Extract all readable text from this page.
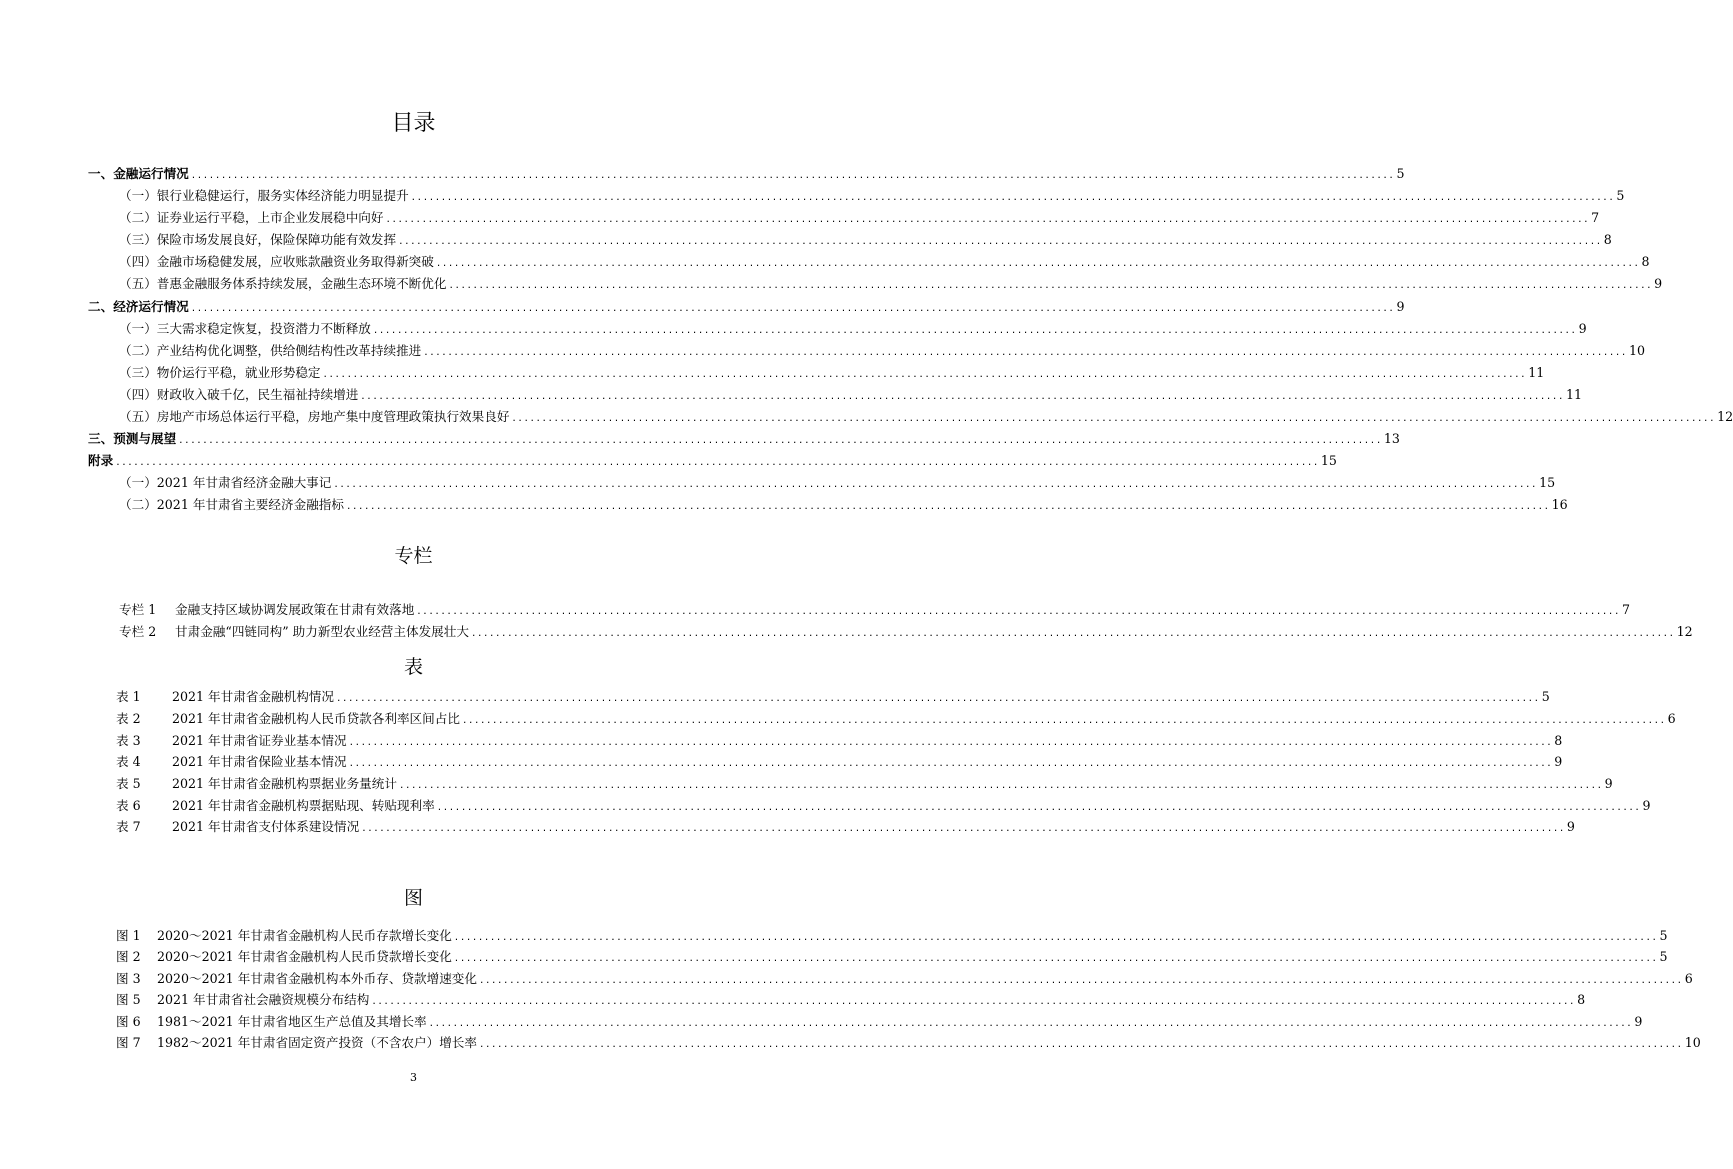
目录
专栏
表
图
一、金融运行情况 ........................................................................................................................................................................................................ 5
（一）银行业稳健运行，服务实体经济能力明显提升 ........................................................................................................................................................................................................ 5
（二）证券业运行平稳，上市企业发展稳中向好 ........................................................................................................................................................................................................ 7
（三）保险市场发展良好，保险保障功能有效发挥 ........................................................................................................................................................................................................ 8
（四）金融市场稳健发展，应收账款融资业务取得新突破 ........................................................................................................................................................................................................ 8
（五）普惠金融服务体系持续发展，金融生态环境不断优化 ........................................................................................................................................................................................................ 9
二、经济运行情况 ........................................................................................................................................................................................................ 9
（一）三大需求稳定恢复，投资潜力不断释放 ........................................................................................................................................................................................................ 9
（二）产业结构优化调整，供给侧结构性改革持续推进 ........................................................................................................................................................................................................ 10
（三）物价运行平稳，就业形势稳定 ........................................................................................................................................................................................................ 11
（四）财政收入破千亿，民生福祉持续增进 ........................................................................................................................................................................................................ 11
（五）房地产市场总体运行平稳，房地产集中度管理政策执行效果良好 ........................................................................................................................................................................................................ 12
三、预测与展望 ........................................................................................................................................................................................................ 13
附录 ........................................................................................................................................................................................................ 15
（一）2021 年甘肃省经济金融大事记 ........................................................................................................................................................................................................ 15
（二）2021 年甘肃省主要经济金融指标 ........................................................................................................................................................................................................ 16
专栏 1 金融支持区域协调发展政策在甘肃有效落地 ........................................................................................................................................................................................................ 7
专栏 2 甘肃金融“四链同构” 助力新型农业经营主体发展壮大 ........................................................................................................................................................................................................ 12
表 1 2021 年甘肃省金融机构情况 ........................................................................................................................................................................................................ 5
表 2 2021 年甘肃省金融机构人民币贷款各利率区间占比 ........................................................................................................................................................................................................ 6
表 3 2021 年甘肃省证券业基本情况 ........................................................................................................................................................................................................ 8
表 4 2021 年甘肃省保险业基本情况 ........................................................................................................................................................................................................ 9
表 5 2021 年甘肃省金融机构票据业务量统计 ........................................................................................................................................................................................................ 9
表 6 2021 年甘肃省金融机构票据贴现、转贴现利率 ........................................................................................................................................................................................................ 9
表 7 2021 年甘肃省支付体系建设情况 ........................................................................................................................................................................................................ 9
图 1 2020～2021 年甘肃省金融机构人民币存款增长变化 ........................................................................................................................................................................................................ 5
图 2 2020～2021 年甘肃省金融机构人民币贷款增长变化 ........................................................................................................................................................................................................ 5
图 3 2020～2021 年甘肃省金融机构本外币存、贷款增速变化 ........................................................................................................................................................................................................ 6
图 5 2021 年甘肃省社会融资规模分布结构 ........................................................................................................................................................................................................ 8
图 6 1981～2021 年甘肃省地区生产总值及其增长率 ........................................................................................................................................................................................................ 9
图 7 1982～2021 年甘肃省固定资产投资（不含农户）增长率 ........................................................................................................................................................................................................ 10
3
